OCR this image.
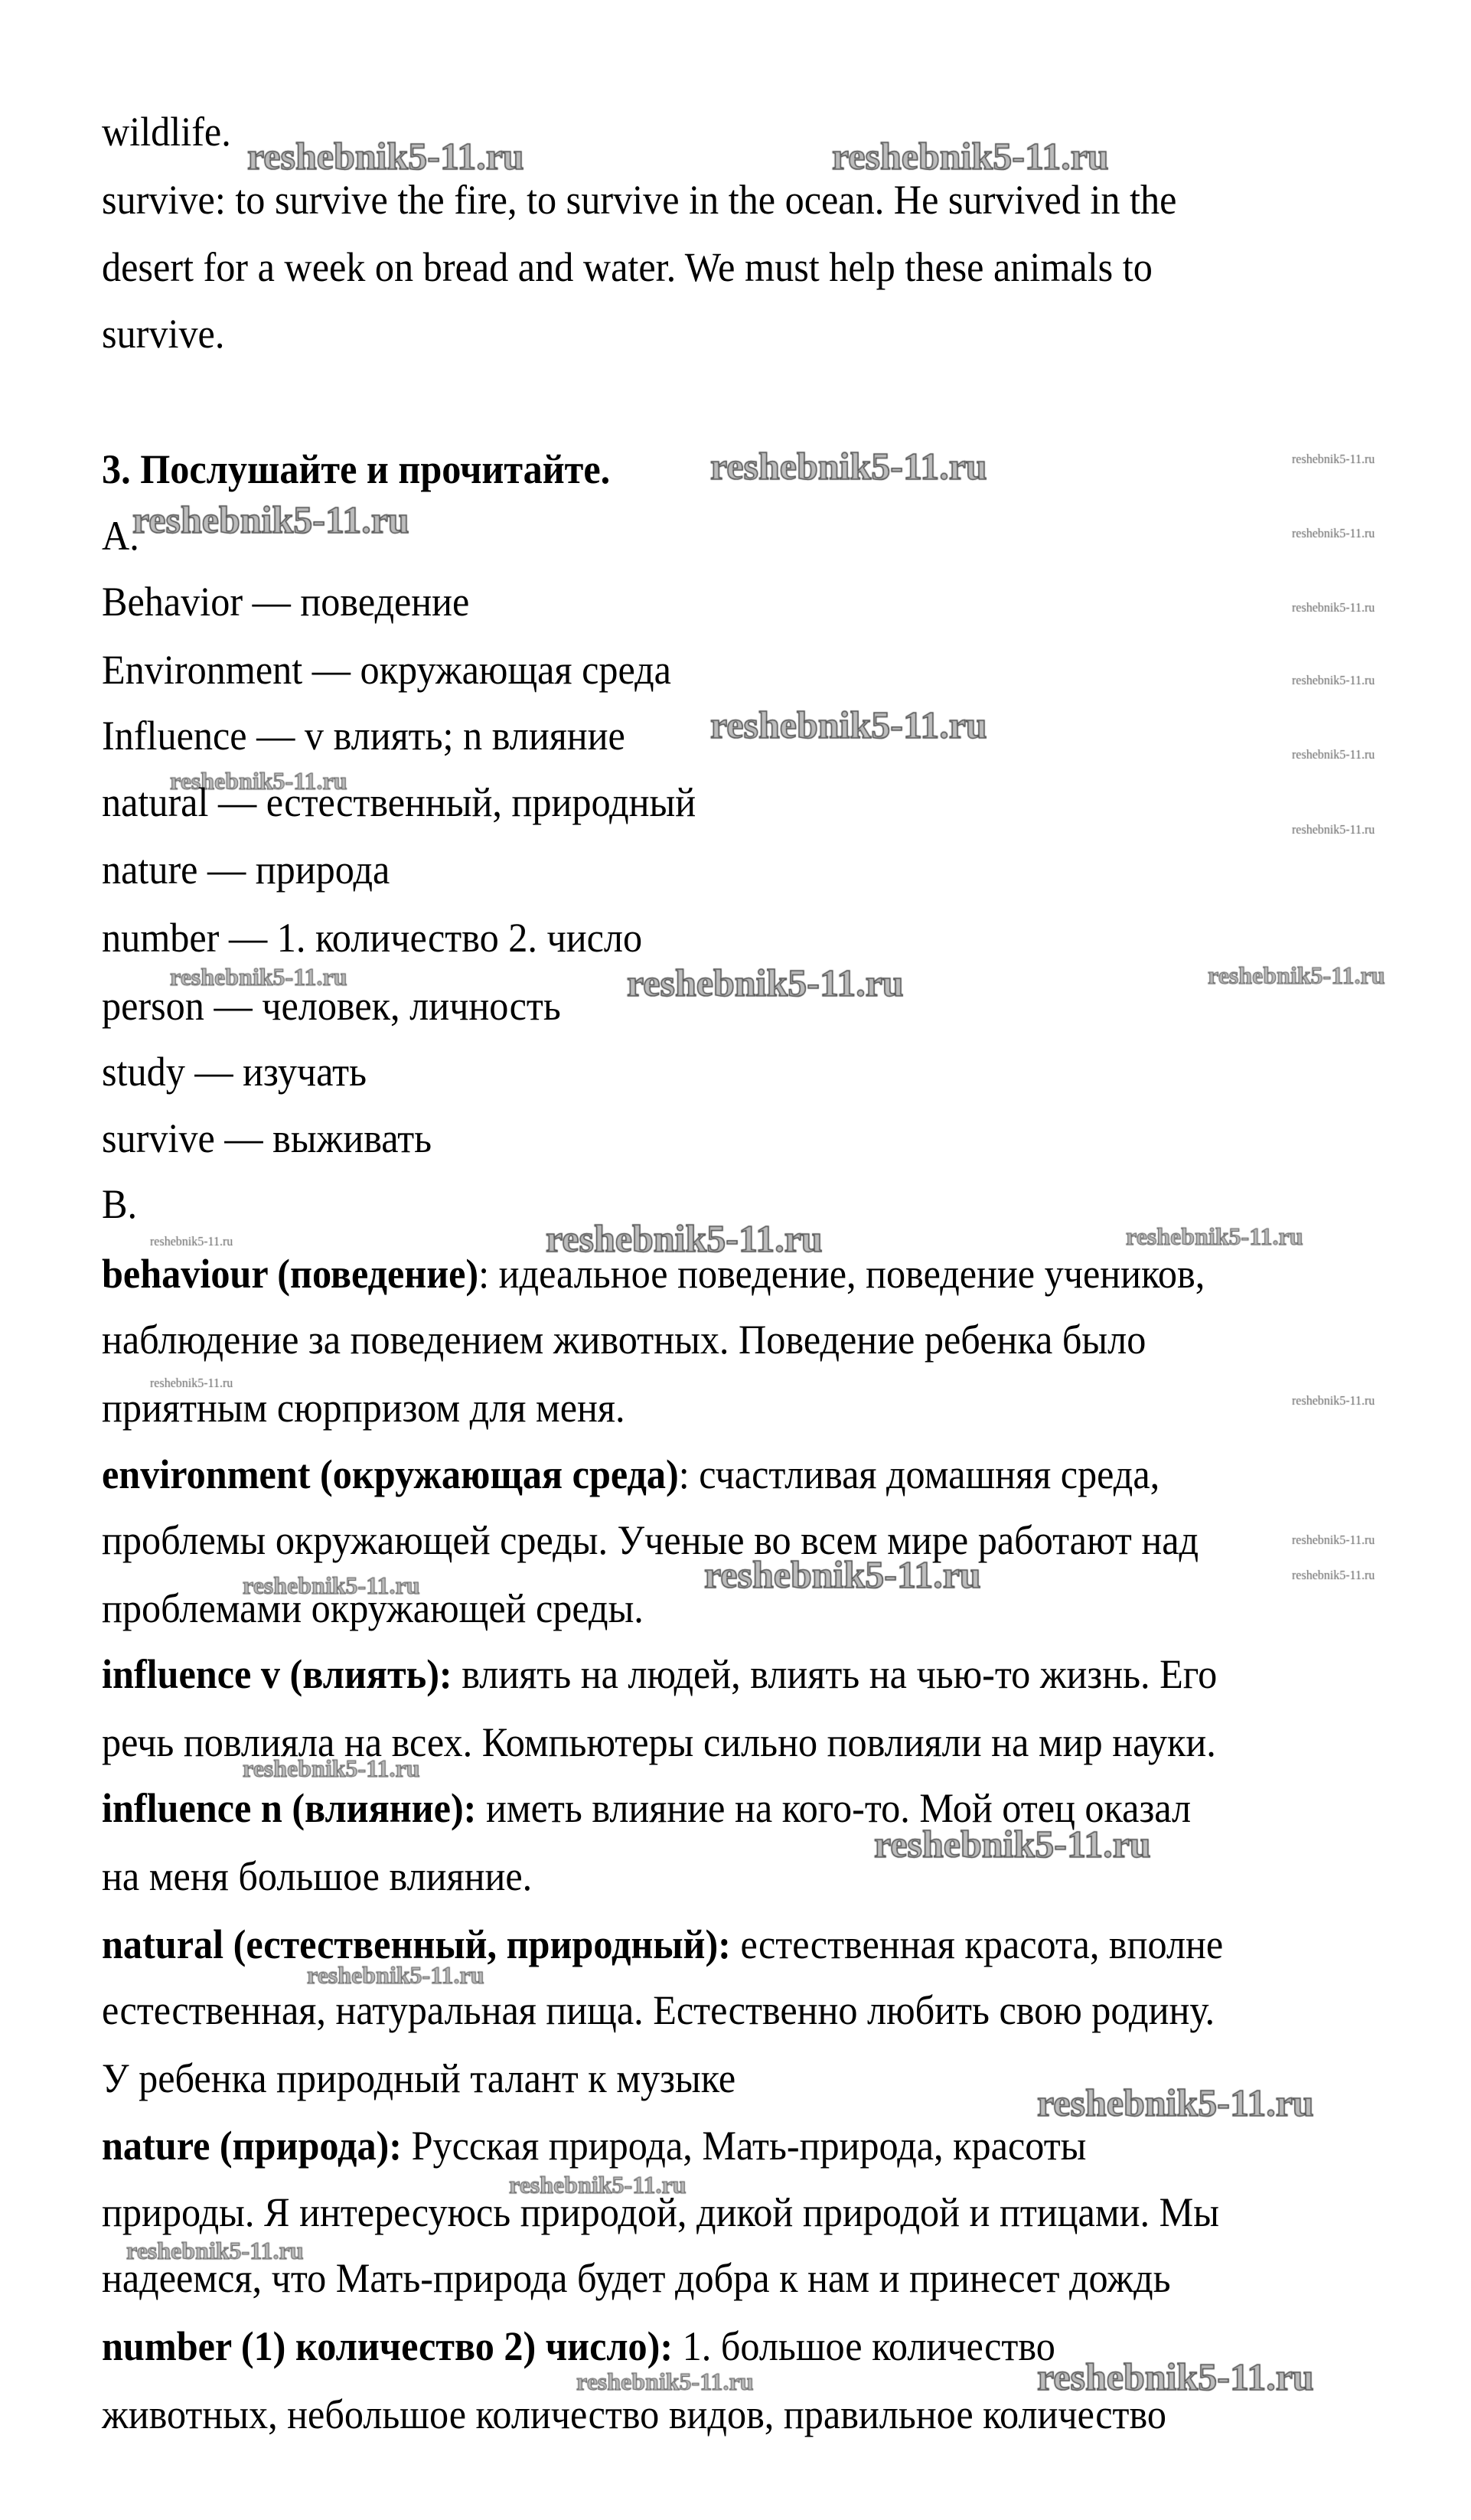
wildlife.
survive: to survive the fire, to survive in the ocean. He survived in the
desert for a week on bread and water. We must help these animals to
survive.
3. Послушайте и прочитайте.
A.
Behavior — поведение
Environment — окружающая среда
Influence — v влиять; n влияние
natural — естественный, природный
nature — природа
number — 1. количество 2. число
person — человек, личность
study — изучать
survive — выживать
B.
behaviour (поведение): идеальное поведение, поведение учеников,
наблюдение за поведением животных. Поведение ребенка было
приятным сюрпризом для меня.
environment (окружающая среда): счастливая домашняя среда,
проблемы окружающей среды. Ученые во всем мире работают над
проблемами окружающей среды.
influence v (влиять): влиять на людей, влиять на чью-то жизнь. Его
речь повлияла на всех. Компьютеры сильно повлияли на мир науки.
influence n (влияние): иметь влияние на кого-то. Мой отец оказал
на меня большое влияние.
natural (естественный, природный): естественная красота, вполне
естественная, натуральная пища. Естественно любить свою родину.
У ребенка природный талант к музыке
nature (природа): Русская природа, Мать-природа, красоты
природы. Я интересуюсь природой, дикой природой и птицами. Мы
надеемся, что Мать-природа будет добра к нам и принесет дождь
number (1) количество 2) число): 1. большое количество
животных, небольшое количество видов, правильное количество
